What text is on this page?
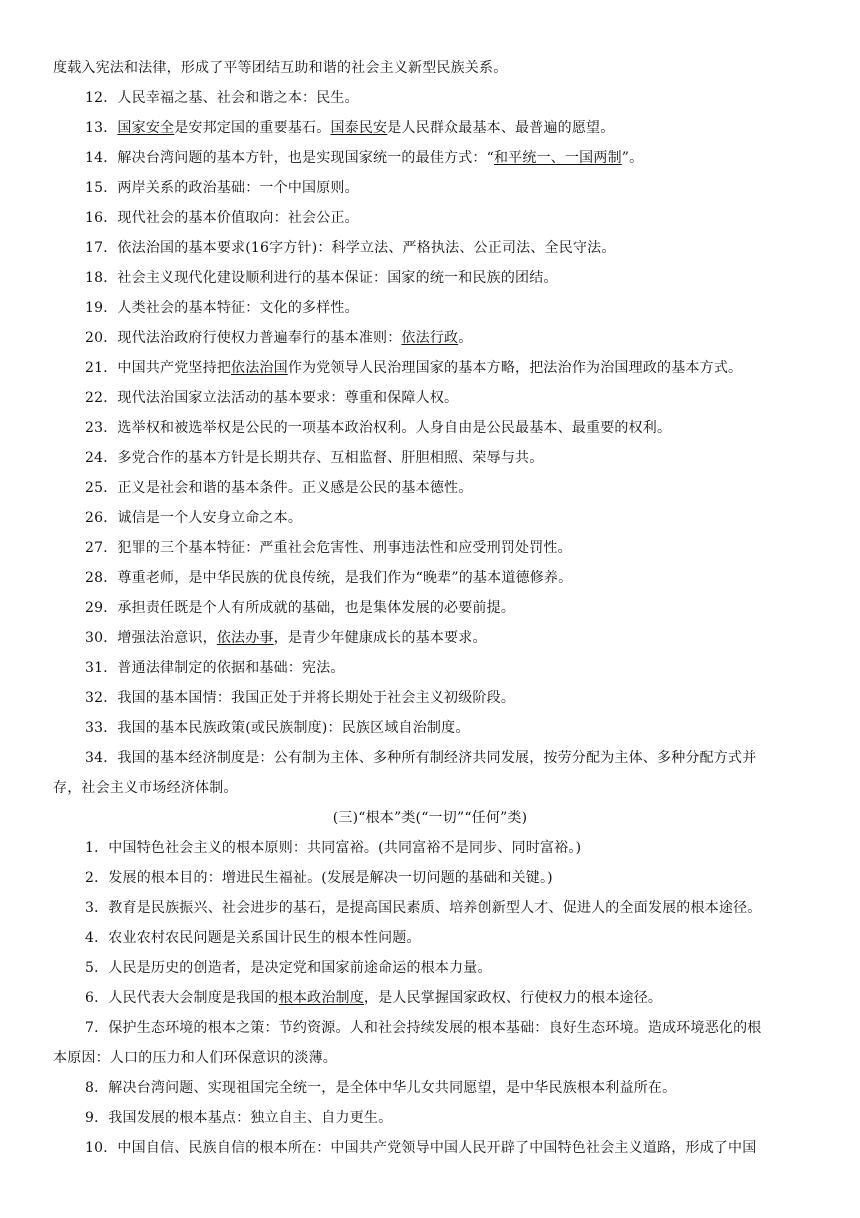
度载入宪法和法律，形成了平等团结互助和谐的社会主义新型民族关系。
12．人民幸福之基、社会和谐之本：民生。
13．国家安全是安邦定国的重要基石。国泰民安是人民群众最基本、最普遍的愿望。
14．解决台湾问题的基本方针，也是实现国家统一的最佳方式：“和平统一、一国两制”。
15．两岸关系的政治基础：一个中国原则。
16．现代社会的基本价值取向：社会公正。
17．依法治国的基本要求(16字方针)：科学立法、严格执法、公正司法、全民守法。
18．社会主义现代化建设顺利进行的基本保证：国家的统一和民族的团结。
19．人类社会的基本特征：文化的多样性。
20．现代法治政府行使权力普遍奉行的基本准则：依法行政。
21．中国共产党坚持把依法治国作为党领导人民治理国家的基本方略，把法治作为治国理政的基本方式。
22．现代法治国家立法活动的基本要求：尊重和保障人权。
23．选举权和被选举权是公民的一项基本政治权利。人身自由是公民最基本、最重要的权利。
24．多党合作的基本方针是长期共存、互相监督、肝胆相照、荣辱与共。
25．正义是社会和谐的基本条件。正义感是公民的基本德性。
26．诚信是一个人安身立命之本。
27．犯罪的三个基本特征：严重社会危害性、刑事违法性和应受刑罚处罚性。
28．尊重老师，是中华民族的优良传统，是我们作为“晚辈”的基本道德修养。
29．承担责任既是个人有所成就的基础，也是集体发展的必要前提。
30．增强法治意识，依法办事，是青少年健康成长的基本要求。
31．普通法律制定的依据和基础：宪法。
32．我国的基本国情：我国正处于并将长期处于社会主义初级阶段。
33．我国的基本民族政策(或民族制度)：民族区域自治制度。
34．我国的基本经济制度是：公有制为主体、多种所有制经济共同发展，按劳分配为主体、多种分配方式并
存，社会主义市场经济体制。
(三)“根本”类(“一切”“任何”类)
1．中国特色社会主义的根本原则：共同富裕。(共同富裕不是同步、同时富裕。)
2．发展的根本目的：增进民生福祉。(发展是解决一切问题的基础和关键。)
3．教育是民族振兴、社会进步的基石，是提高国民素质、培养创新型人才、促进人的全面发展的根本途径。
4．农业农村农民问题是关系国计民生的根本性问题。
5．人民是历史的创造者，是决定党和国家前途命运的根本力量。
6．人民代表大会制度是我国的根本政治制度，是人民掌握国家政权、行使权力的根本途径。
7．保护生态环境的根本之策：节约资源。人和社会持续发展的根本基础：良好生态环境。造成环境恶化的根
本原因：人口的压力和人们环保意识的淡薄。
8．解决台湾问题、实现祖国完全统一，是全体中华儿女共同愿望，是中华民族根本利益所在。
9．我国发展的根本基点：独立自主、自力更生。
10．中国自信、民族自信的根本所在：中国共产党领导中国人民开辟了中国特色社会主义道路，形成了中国
